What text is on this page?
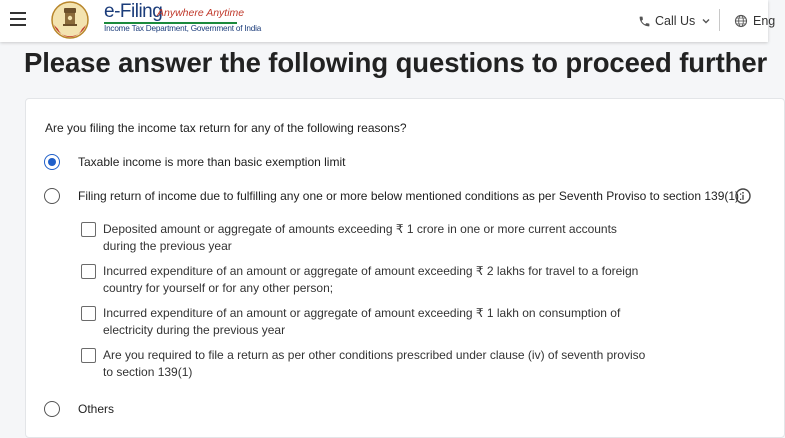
e-Filing
Anywhere Anytime
Income Tax Department, Government of India
Call Us	Eng
Please answer the following questions to proceed further
Are you filing the income tax return for any of the following reasons?
Taxable income is more than basic exemption limit
Filing return of income due to fulfilling any one or more below mentioned conditions as per Seventh Proviso to section 139(1):
Deposited amount or aggregate of amounts exceeding ₹ 1 crore in one or more current accounts during the previous year
Incurred expenditure of an amount or aggregate of amount exceeding ₹ 2 lakhs for travel to a foreign country for yourself or for any other person;
Incurred expenditure of an amount or aggregate of amount exceeding ₹ 1 lakh on consumption of electricity during the previous year
Are you required to file a return as per other conditions prescribed under clause (iv) of seventh proviso to section 139(1)
Others
